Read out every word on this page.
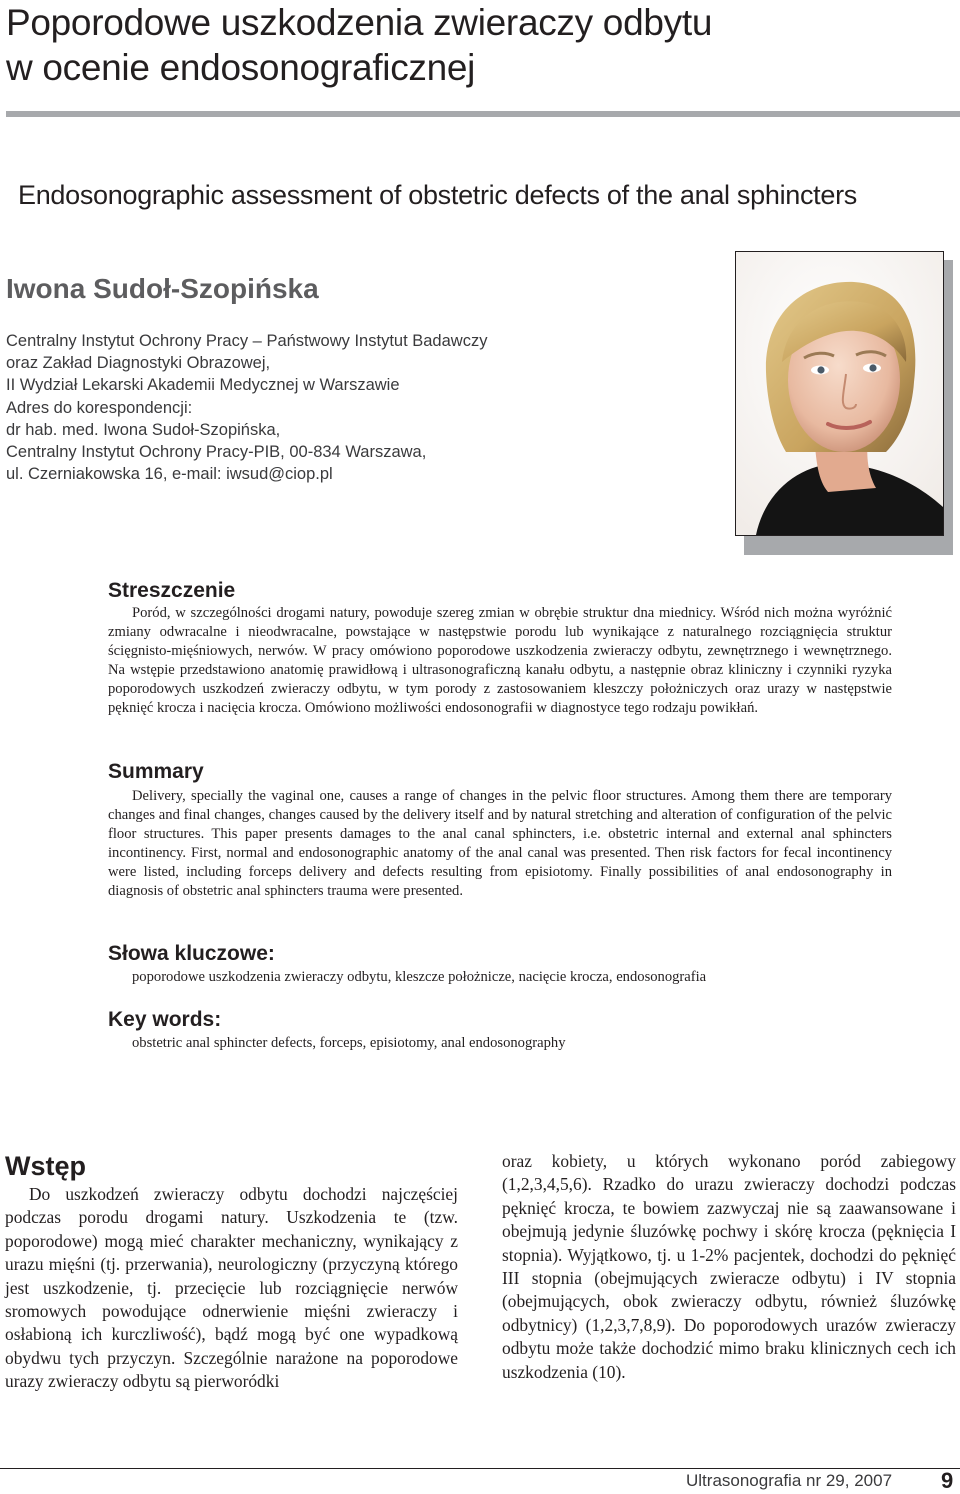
Poporodowe uszkodzenia zwieraczy odbytu
w ocenie endosonograficznej
Endosonographic assessment of obstetric defects of the anal sphincters
Iwona Sudoł-Szopińska
Centralny Instytut Ochrony Pracy – Państwowy Instytut Badawczy
oraz Zakład Diagnostyki Obrazowej,
II Wydział Lekarski Akademii Medycznej w Warszawie
Adres do korespondencji:
dr hab. med. Iwona Sudoł-Szopińska,
Centralny Instytut Ochrony Pracy-PIB, 00-834 Warszawa,
ul. Czerniakowska 16, e-mail: iwsud@ciop.pl
Streszczenie
Poród, w szczególności drogami natury, powoduje szereg zmian w obrębie struktur dna miednicy. Wśród nich można wyróżnić zmiany odwracalne i nieodwracalne, powstające w następstwie porodu lub wynikające z naturalnego rozciągnięcia struktur ścięgnisto-mięśniowych, nerwów. W pracy omówiono poporodowe uszkodzenia zwieraczy odbytu, zewnętrznego i wewnętrznego. Na wstępie przedstawiono anatomię prawidłową i ultrasonograficzną kanału odbytu, a następnie obraz kliniczny i czynniki ryzyka poporodowych uszkodzeń zwieraczy odbytu, w tym porody z zastosowaniem kleszczy położniczych oraz urazy w następstwie pęknięć krocza i nacięcia krocza. Omówiono możliwości endosonografii w diagnostyce tego rodzaju powikłań.
Summary
Delivery, specially the vaginal one, causes a range of changes in the pelvic floor structures. Among them there are temporary changes and final changes, changes caused by the delivery itself and by natural stretching and alteration of configuration of the pelvic floor structures. This paper presents damages to the anal canal sphincters, i.e. obstetric internal and external anal sphincters incontinency. First, normal and endosonographic anatomy of the anal canal was presented. Then risk factors for fecal incontinency were listed, including forceps delivery and defects resulting from episiotomy. Finally possibilities of anal endosonography in diagnosis of obstetric anal sphincters trauma were presented.
Słowa kluczowe:
poporodowe uszkodzenia zwieraczy odbytu, kleszcze położnicze, nacięcie krocza, endosonografia
Key words:
obstetric anal sphincter defects, forceps, episiotomy, anal endosonography
Wstęp
Do uszkodzeń zwieraczy odbytu dochodzi najczęściej podczas porodu drogami natury. Uszkodzenia te (tzw. poporodowe) mogą mieć charakter mechaniczny, wynikający z urazu mięśni (tj. przerwania), neurologiczny (przyczyną którego jest uszkodzenie, tj. przecięcie lub rozciągnięcie nerwów sromowych powodujące odnerwienie mięśni zwieraczy i osłabioną ich kurczliwość), bądź mogą być one wypadkową obydwu tych przyczyn. Szczególnie narażone na poporodowe urazy zwieraczy odbytu są pierworódki
oraz kobiety, u których wykonano poród zabiegowy (1,2,3,4,5,6). Rzadko do urazu zwieraczy dochodzi podczas pęknięć krocza, te bowiem zazwyczaj nie są zaawansowane i obejmują jedynie śluzówkę pochwy i skórę krocza (pęknięcia I stopnia). Wyjątkowo, tj. u 1-2% pacjentek, dochodzi do pęknięć III stopnia (obejmujących zwieracze odbytu) i IV stopnia (obejmujących, obok zwieraczy odbytu, również śluzówkę odbytnicy) (1,2,3,7,8,9). Do poporodowych urazów zwieraczy odbytu może także dochodzić mimo braku klinicznych cech ich uszkodzenia (10).
Ultrasonografia nr 29, 2007 9
